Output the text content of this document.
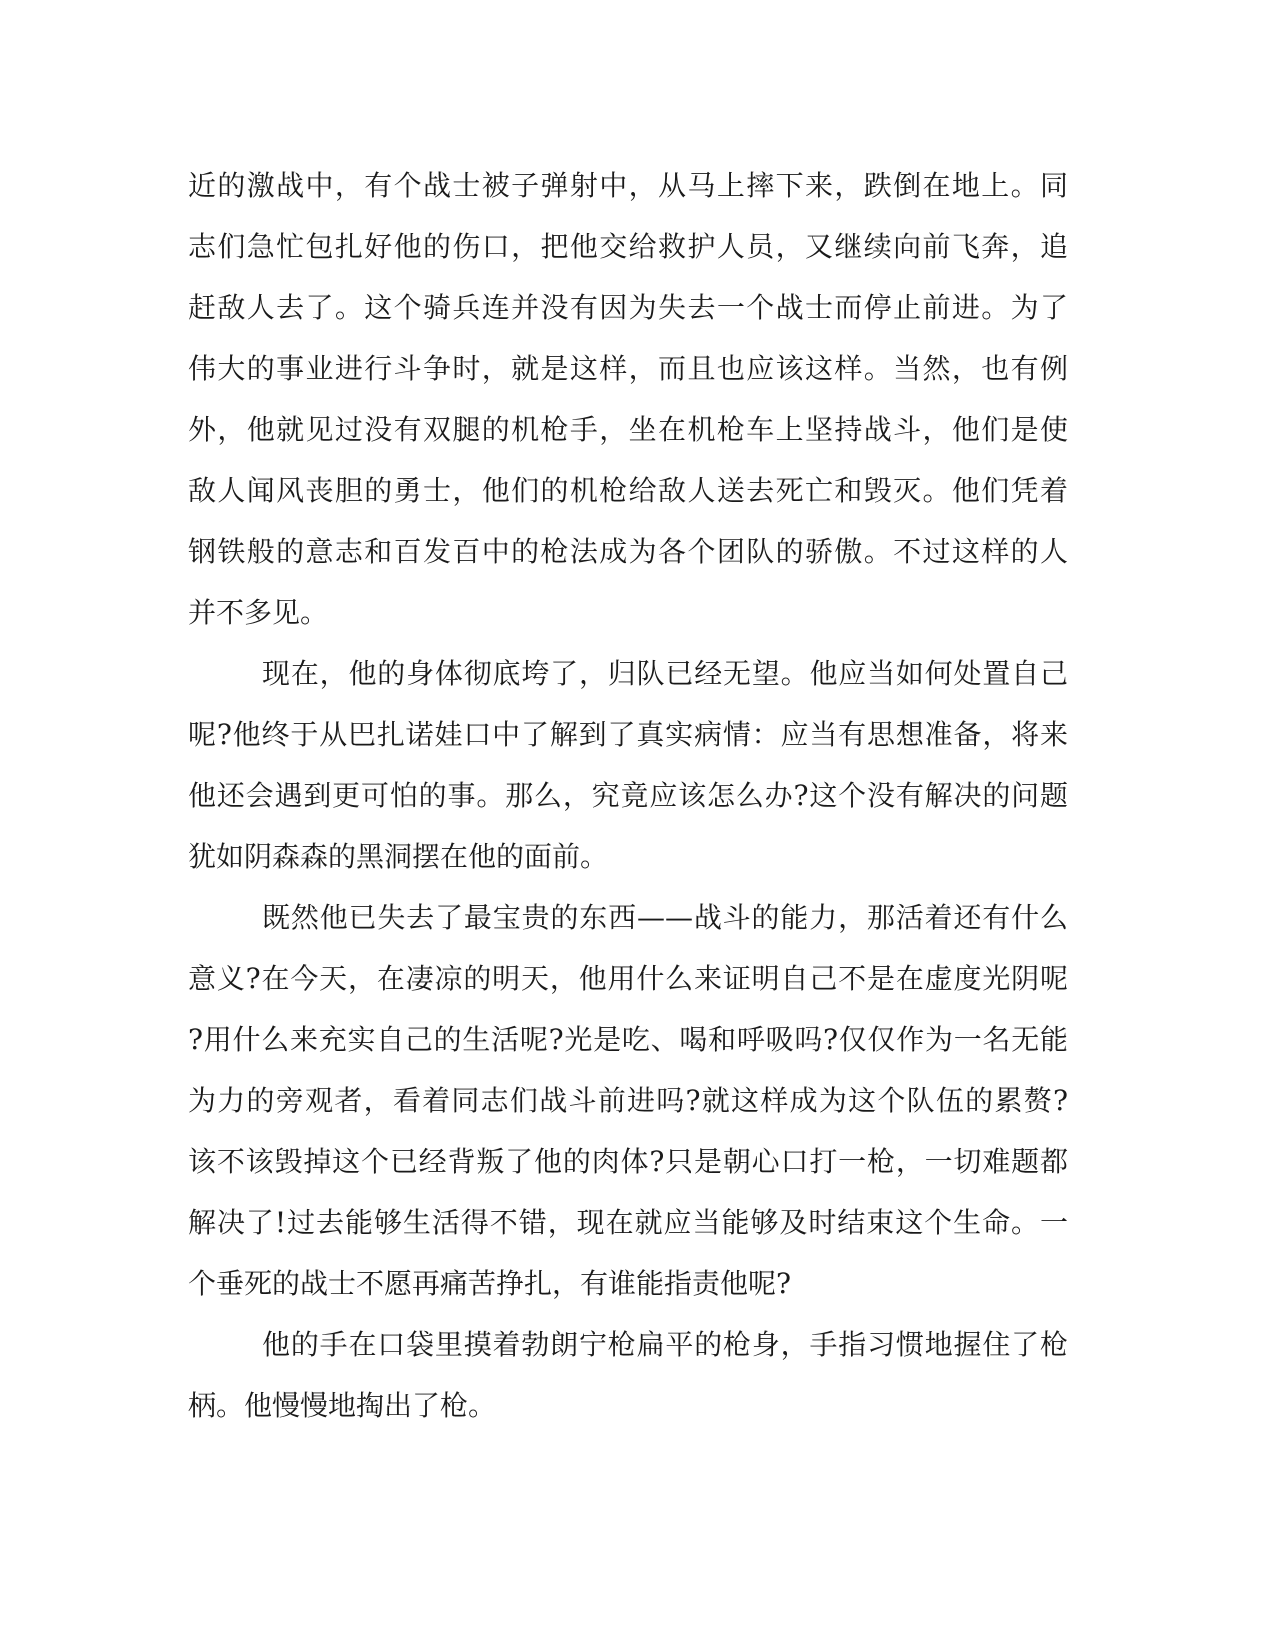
近的激战中，有个战士被子弹射中，从马上摔下来，跌倒在地上。同
志们急忙包扎好他的伤口，把他交给救护人员，又继续向前飞奔，追
赶敌人去了。这个骑兵连并没有因为失去一个战士而停止前进。为了
伟大的事业进行斗争时，就是这样，而且也应该这样。当然，也有例
外，他就见过没有双腿的机枪手，坐在机枪车上坚持战斗，他们是使
敌人闻风丧胆的勇士，他们的机枪给敌人送去死亡和毁灭。他们凭着
钢铁般的意志和百发百中的枪法成为各个团队的骄傲。不过这样的人
并不多见。
现在，他的身体彻底垮了，归队已经无望。他应当如何处置自己
呢?他终于从巴扎诺娃口中了解到了真实病情：应当有思想准备，将来
他还会遇到更可怕的事。那么，究竟应该怎么办?这个没有解决的问题
犹如阴森森的黑洞摆在他的面前。
既然他已失去了最宝贵的东西——战斗的能力，那活着还有什么
意义?在今天，在凄凉的明天，他用什么来证明自己不是在虚度光阴呢
?用什么来充实自己的生活呢?光是吃、喝和呼吸吗?仅仅作为一名无能
为力的旁观者，看着同志们战斗前进吗?就这样成为这个队伍的累赘?
该不该毁掉这个已经背叛了他的肉体?只是朝心口打一枪，一切难题都
解决了!过去能够生活得不错，现在就应当能够及时结束这个生命。一
个垂死的战士不愿再痛苦挣扎，有谁能指责他呢?
他的手在口袋里摸着勃朗宁枪扁平的枪身，手指习惯地握住了枪
柄。他慢慢地掏出了枪。
